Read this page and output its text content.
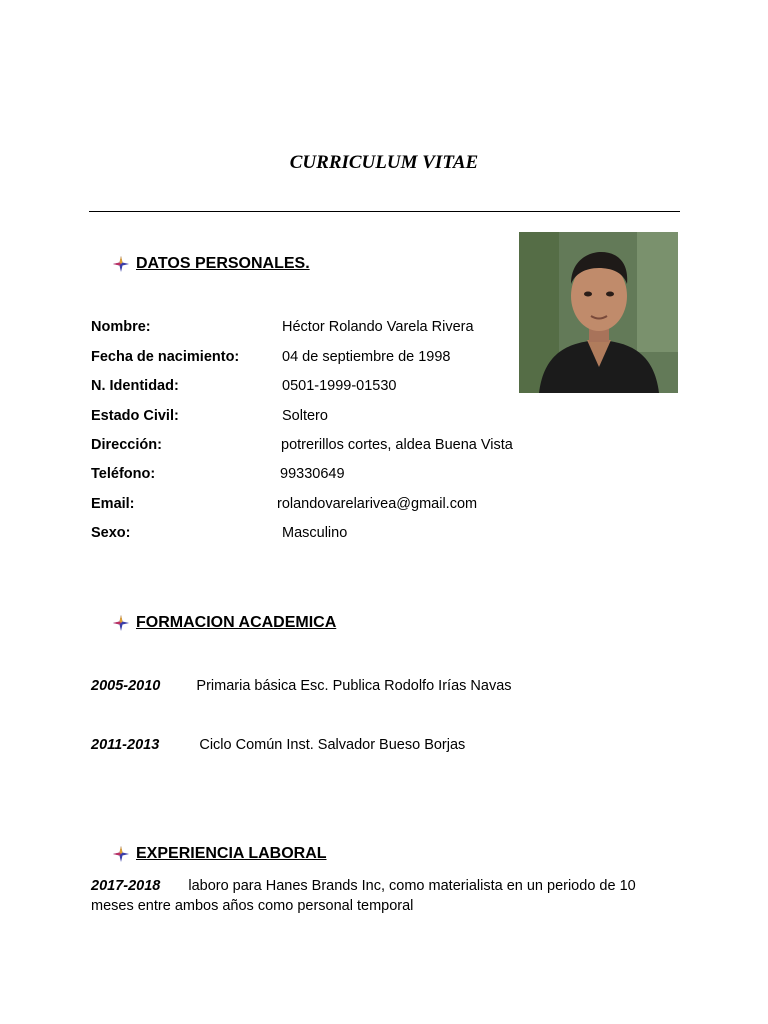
CURRICULUM VITAE
DATOS PERSONALES.
Nombre:	Héctor Rolando Varela Rivera
Fecha de nacimiento:	04 de septiembre de 1998
N. Identidad:	0501-1999-01530
Estado Civil:	Soltero
Dirección:	potrerillos cortes, aldea Buena Vista
Teléfono:	99330649
Email:	rolandovarelarivea@gmail.com
Sexo:	Masculino
FORMACION ACADEMICA
2005-2010 Primaria básica Esc. Publica Rodolfo Irías Navas
2011-2013	Ciclo Común Inst. Salvador Bueso Borjas
EXPERIENCIA LABORAL
2017-2018 laboro para Hanes Brands Inc, como materialista en un periodo de 10 meses entre ambos años como personal temporal
